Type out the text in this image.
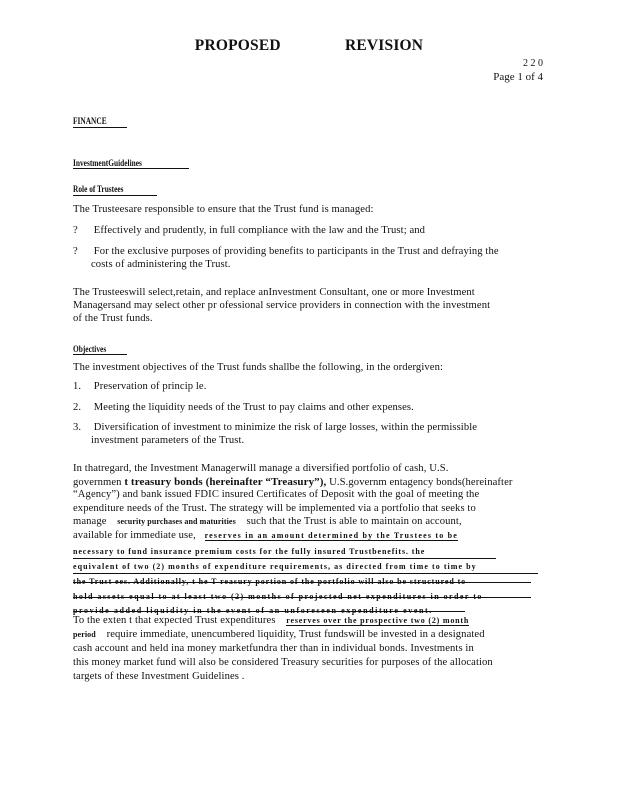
PROPOSED	REVISION
2 2 0
Page 1 of 4
FINANCE
InvestmentGuidelines
Role of Trustees
The Trusteesare responsible to ensure that the Trust fund is managed:
? Effectively and prudently, in full compliance with the law and the Trust; and
? For the exclusive purposes of providing benefits to participants in the Trust and defraying the
costs of administering the Trust.
The Trusteeswill select,retain, and replace anInvestment Consultant, one or more Investment
Managersand may select other pr ofessional service providers in connection with the investment
of the Trust funds.
Objectives
The investment objectives of the Trust funds shallbe the following, in the ordergiven:
1. Preservation of princip le.
2. Meeting the liquidity needs of the Trust to pay claims and other expenses.
3. Diversification of investment to minimize the risk of large losses, within the permissible
investment parameters of the Trust.
In thatregard, the Investment Managerwill manage a diversified portfolio of cash, U.S.
governmen t treasury bonds (hereinafter “Treasury”), U.S.governm entagency bonds(hereinafter
“Agency”) and bank issued FDIC insured Certificates of Deposit with the goal of meeting the
expenditure needs of the Trust. The strategy will be implemented via a portfolio that seeks to
manage security purchases and maturities such that the Trust is able to maintain on account,
available for immediate use, reserves in an amount determined by the Trustees to be
necessary to fund insurance premium costs for the fully insured Trustbenefits. the
equivalent of two (2) months of expenditure requirements, as directed from time to time by
the Trust ees. Additionally, t he T reasury portion of the portfolio will also be structured to
hold assets equal to at least two (2) months of projected net expenditures in order to
provide added liquidity in the event of an unforeseen expenditure event.
To the exten t that expected Trust expenditures reserves over the prospective two (2) month
period require immediate, unencumbered liquidity, Trust fundswill be invested in a designated
cash account and held ina money marketfundra ther than in individual bonds. Investments in
this money market fund will also be considered Treasury securities for purposes of the allocation
targets of these Investment Guidelines .
